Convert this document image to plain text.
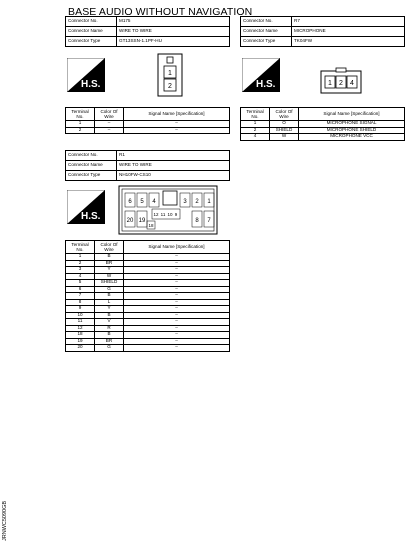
BASE AUDIO WITHOUT NAVIGATION
Connector No.	M175
Connector Name	WIRE TO WIRE
Connector Type	GT13SSN-1.1PF-HU
Connector No.	R7
Connector Name	MICROPHONE
Connector Type	TK04FW
H.S.
1
2	H.S.	1 2 4
Terminal No.	Color Of Wire	Signal Name [Specification]
1	–	–
2	–	–
Terminal No.	Color Of Wire	Signal Name [Specification]
1	O	MICROPHONE SIGNAL
2	SHIELD	MICROPHONE SHIELD
4	W	MICROPHONE VCC
Connector No.	R1
Connector Name	WIRE TO WIRE
Connector Type	NH10FW-CS10
H.S.
6 5 4	3 2 1
20 19
12 11 10 9
18
8 7
Terminal No.	Color Of Wire	Signal Name [Specification]
1	B	–
2	BR	–
3	Y	–
4	W	–
5	SHIELD	–
6	G	–
7	B	–
8	L	–
9	Y	–
10	B	–
11	V	–
12	R	–
18	B	–
19	BR	–
20	G	–
JRNWC5090GB
